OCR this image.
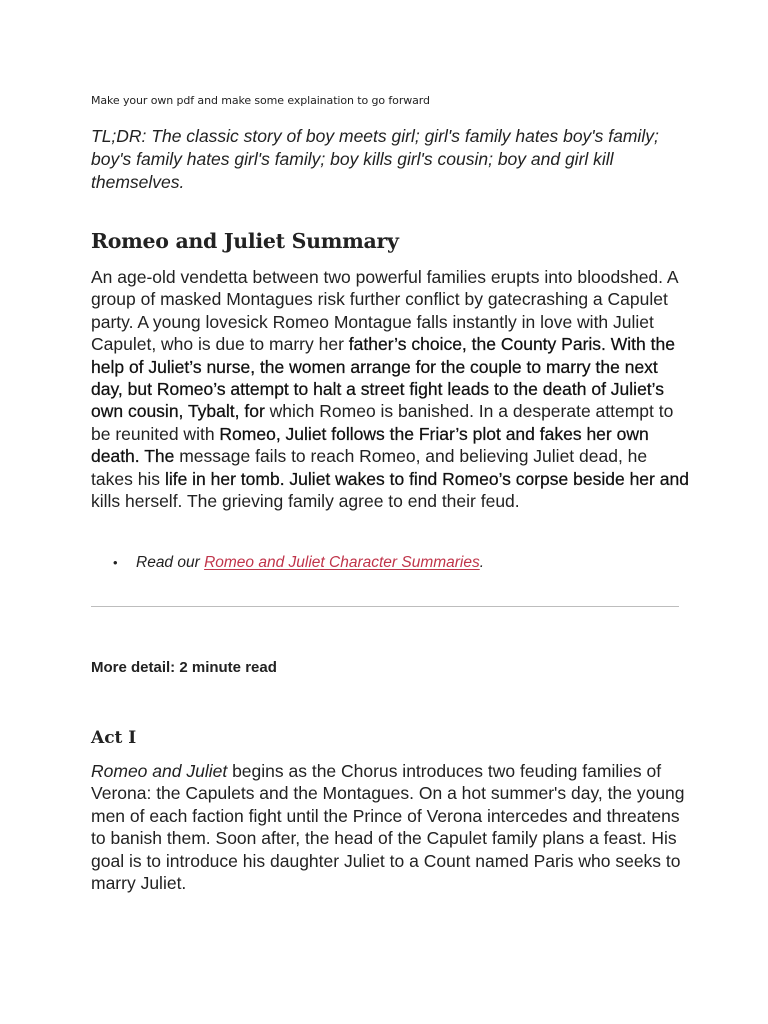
Make your own pdf and make some explaination to go forward

TL;DR: The classic story of boy meets girl; girl's family hates boy's family; boy's family hates girl's family; boy kills girl's cousin; boy and girl kill themselves.

Romeo and Juliet Summary

An age-old vendetta between two powerful families erupts into bloodshed. A group of masked Montagues risk further conflict by gatecrashing a Capulet party. A young lovesick Romeo Montague falls instantly in love with Juliet Capulet, who is due to marry her father’s choice, the County Paris. With the help of Juliet’s nurse, the women arrange for the couple to marry the next day, but Romeo’s attempt to halt a street fight leads to the death of Juliet’s own cousin, Tybalt, for which Romeo is banished. In a desperate attempt to be reunited with Romeo, Juliet follows the Friar’s plot and fakes her own death. The message fails to reach Romeo, and believing Juliet dead, he takes his life in her tomb. Juliet wakes to find Romeo’s corpse beside her and kills herself. The grieving family agree to end their feud.

• Read our Romeo and Juliet Character Summaries.
More detail: 2 minute read
Act I

Romeo and Juliet begins as the Chorus introduces two feuding families of Verona: the Capulets and the Montagues. On a hot summer's day, the young men of each faction fight until the Prince of Verona intercedes and threatens to banish them. Soon after, the head of the Capulet family plans a feast. His goal is to introduce his daughter Juliet to a Count named Paris who seeks to marry Juliet.
